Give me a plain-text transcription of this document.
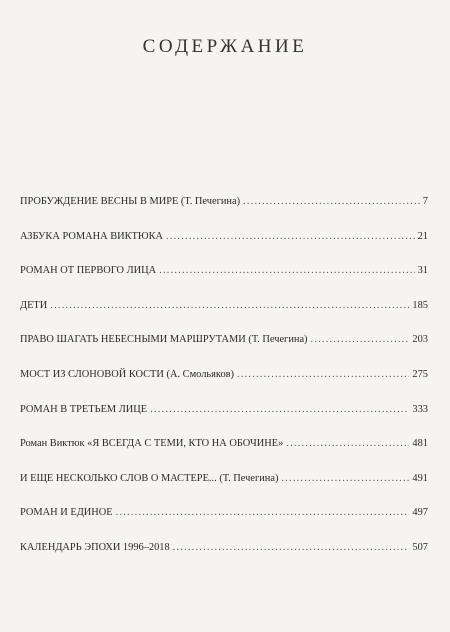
СОДЕРЖАНИЕ
ПРОБУЖДЕНИЕ ВЕСНЫ В МИРЕ (Т. Печегина) .....	7
АЗБУКА РОМАНА ВИКТЮКА .....	21
РОМАН ОТ ПЕРВОГО ЛИЦА .....	31
ДЕТИ .....	185
ПРАВО ШАГАТЬ НЕБЕСНЫМИ МАРШРУТАМИ (Т. Печегина) .....	203
МОСТ ИЗ СЛОНОВОЙ КОСТИ (А. Смольяков) .....	275
РОМАН В ТРЕТЬЕМ ЛИЦЕ .....	333
Роман Виктюк «Я ВСЕГДА С ТЕМИ, КТО НА ОБОЧИНЕ» .....	481
И ЕЩЕ НЕСКОЛЬКО СЛОВ О МАСТЕРЕ... (Т. Печегина) .....	491
РОМАН И ЕДИНОЕ .....	497
КАЛЕНДАРЬ ЭПОХИ 1996–2018 .....	507
